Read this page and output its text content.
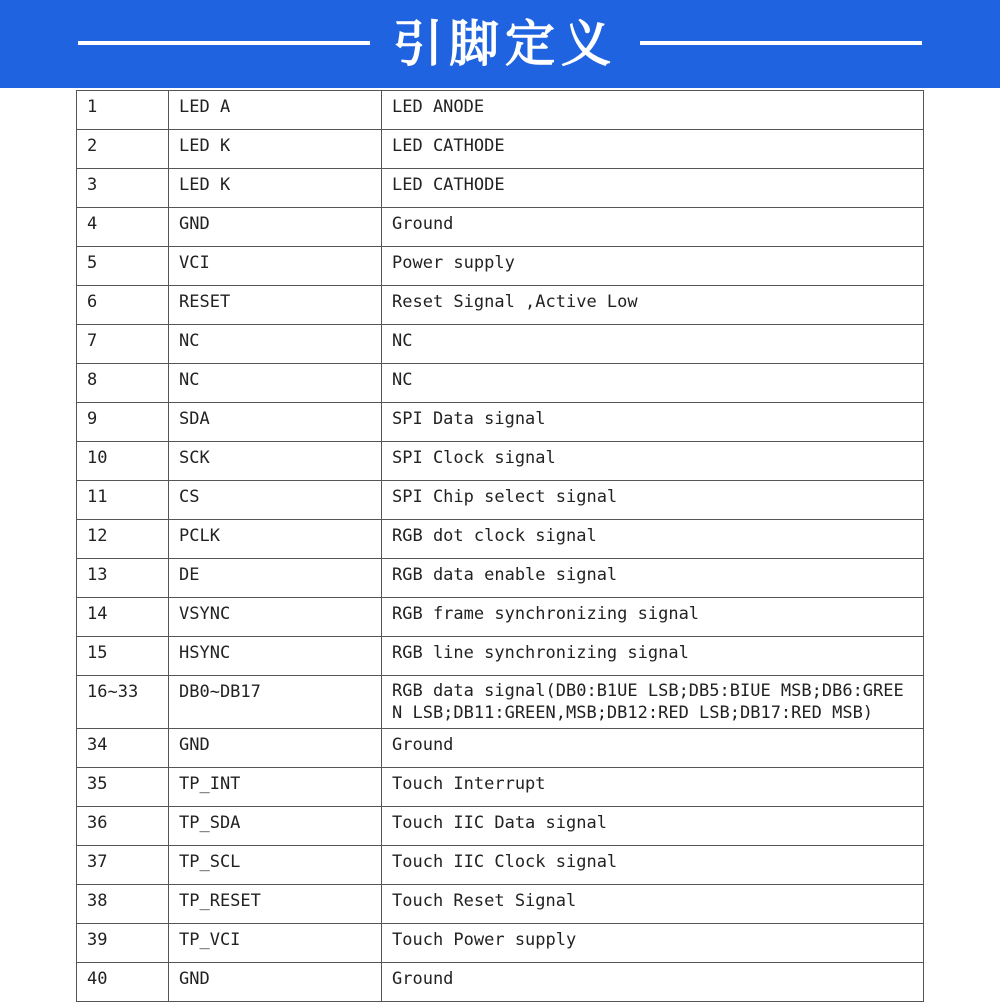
引脚定义
1	LED A	LED ANODE
2	LED K	LED CATHODE
3	LED K	LED CATHODE
4	GND	Ground
5	VCI	Power supply
6	RESET	Reset Signal ,Active Low
7	NC	NC
8	NC	NC
9	SDA	SPI Data signal
10	SCK	SPI Clock signal
11	CS	SPI Chip select signal
12	PCLK	RGB dot clock signal
13	DE	RGB data enable signal
14	VSYNC	RGB frame synchronizing signal
15	HSYNC	RGB line synchronizing signal
16~33	DB0~DB17	RGB data signal(DB0:B1UE LSB;DB5:BIUE MSB;DB6:GREEN LSB;DB11:GREEN,MSB;DB12:RED LSB;DB17:RED MSB)
34	GND	Ground
35	TP_INT	Touch Interrupt
36	TP_SDA	Touch IIC Data signal
37	TP_SCL	Touch IIC Clock signal
38	TP_RESET	Touch Reset Signal
39	TP_VCI	Touch Power supply
40	GND	Ground
